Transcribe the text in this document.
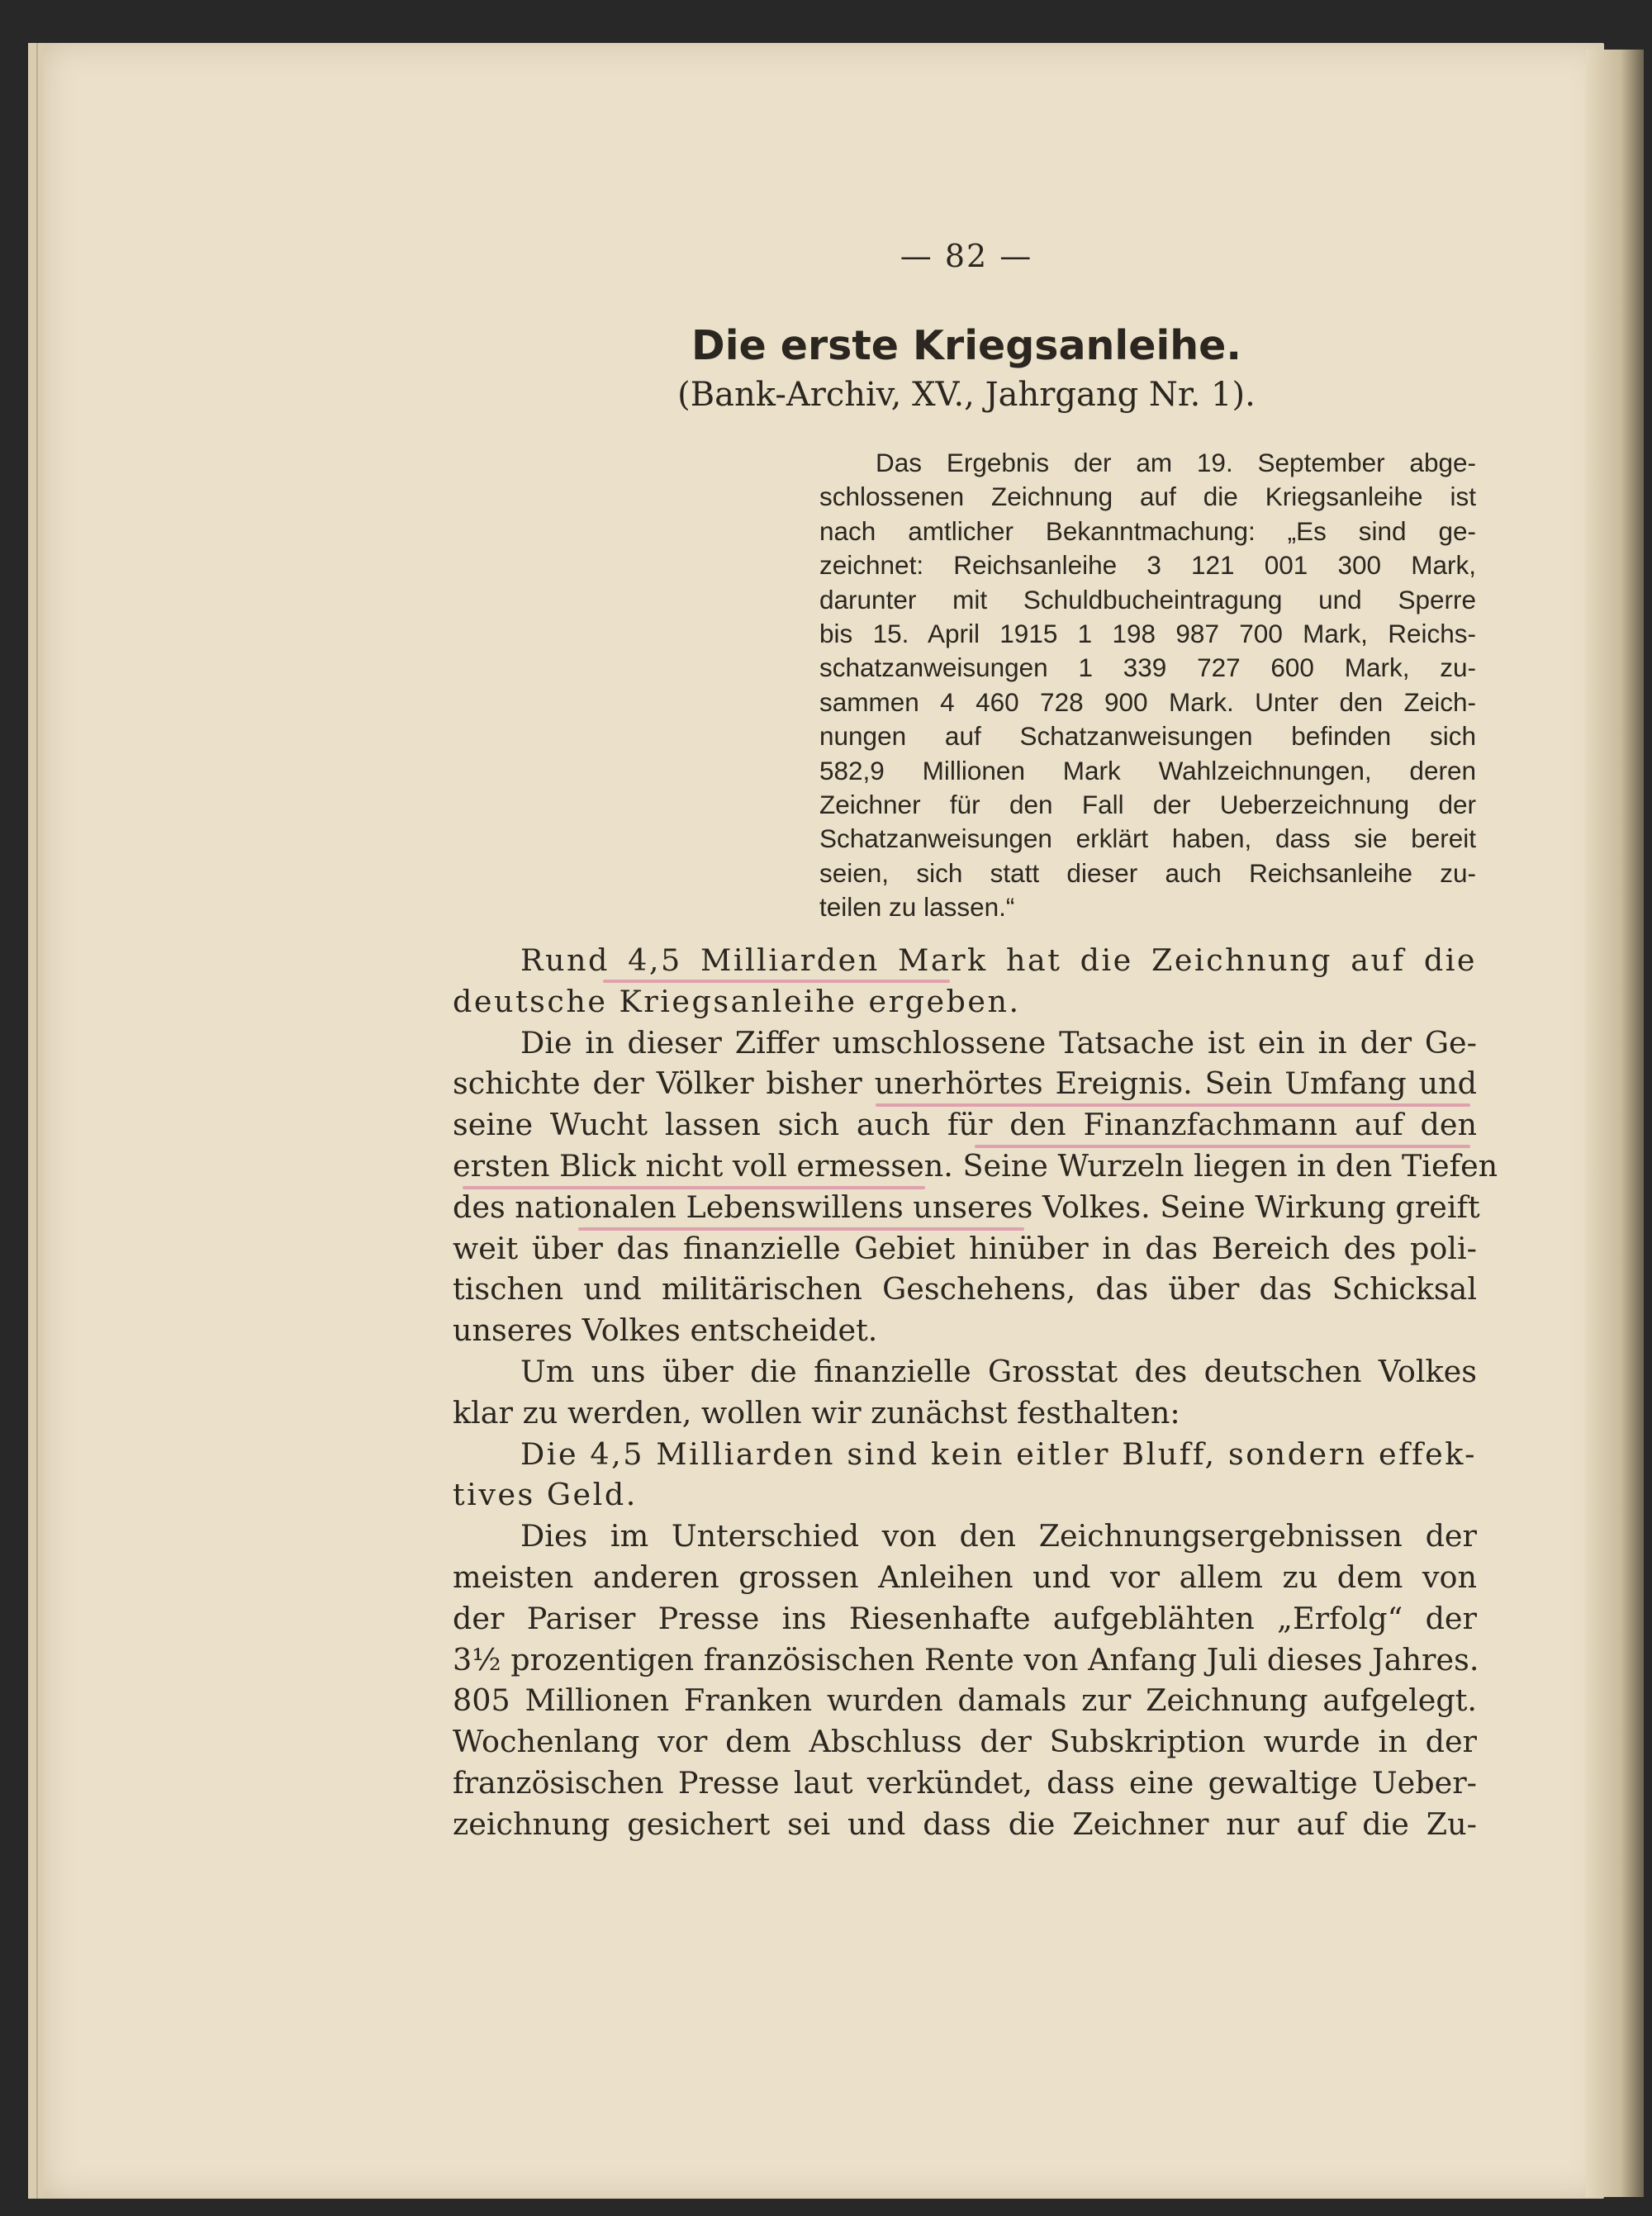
— 82 —
Die erste Kriegsanleihe.
(Bank-Archiv, XV., Jahrgang Nr. 1).
Das Ergebnis der am 19. September abge-
schlossenen Zeichnung auf die Kriegsanleihe ist
nach amtlicher Bekanntmachung: „Es sind ge-
zeichnet: Reichsanleihe 3 121 001 300 Mark,
darunter mit Schuldbucheintragung und Sperre
bis 15. April 1915 1 198 987 700 Mark, Reichs-
schatzanweisungen 1 339 727 600 Mark, zu-
sammen 4 460 728 900 Mark. Unter den Zeich-
nungen auf Schatzanweisungen befinden sich
582,9 Millionen Mark Wahlzeichnungen, deren
Zeichner für den Fall der Ueberzeichnung der
Schatzanweisungen erklärt haben, dass sie bereit
seien, sich statt dieser auch Reichsanleihe zu-
teilen zu lassen.“
Rund 4,5 Milliarden Mark hat die Zeichnung auf die
deutsche Kriegsanleihe ergeben.
Die in dieser Ziffer umschlossene Tatsache ist ein in der Ge-
schichte der Völker bisher unerhörtes Ereignis. Sein Umfang und
seine Wucht lassen sich auch für den Finanzfachmann auf den
ersten Blick nicht voll ermessen. Seine Wurzeln liegen in den Tiefen
des nationalen Lebenswillens unseres Volkes. Seine Wirkung greift
weit über das finanzielle Gebiet hinüber in das Bereich des poli-
tischen und militärischen Geschehens, das über das Schicksal
unseres Volkes entscheidet.
Um uns über die finanzielle Grosstat des deutschen Volkes
klar zu werden, wollen wir zunächst festhalten:
Die 4,5 Milliarden sind kein eitler Bluff, sondern effek-
tives Geld.
Dies im Unterschied von den Zeichnungsergebnissen der
meisten anderen grossen Anleihen und vor allem zu dem von
der Pariser Presse ins Riesenhafte aufgeblähten „Erfolg“ der
3½ prozentigen französischen Rente von Anfang Juli dieses Jahres.
805 Millionen Franken wurden damals zur Zeichnung aufgelegt.
Wochenlang vor dem Abschluss der Subskription wurde in der
französischen Presse laut verkündet, dass eine gewaltige Ueber-
zeichnung gesichert sei und dass die Zeichner nur auf die Zu-
